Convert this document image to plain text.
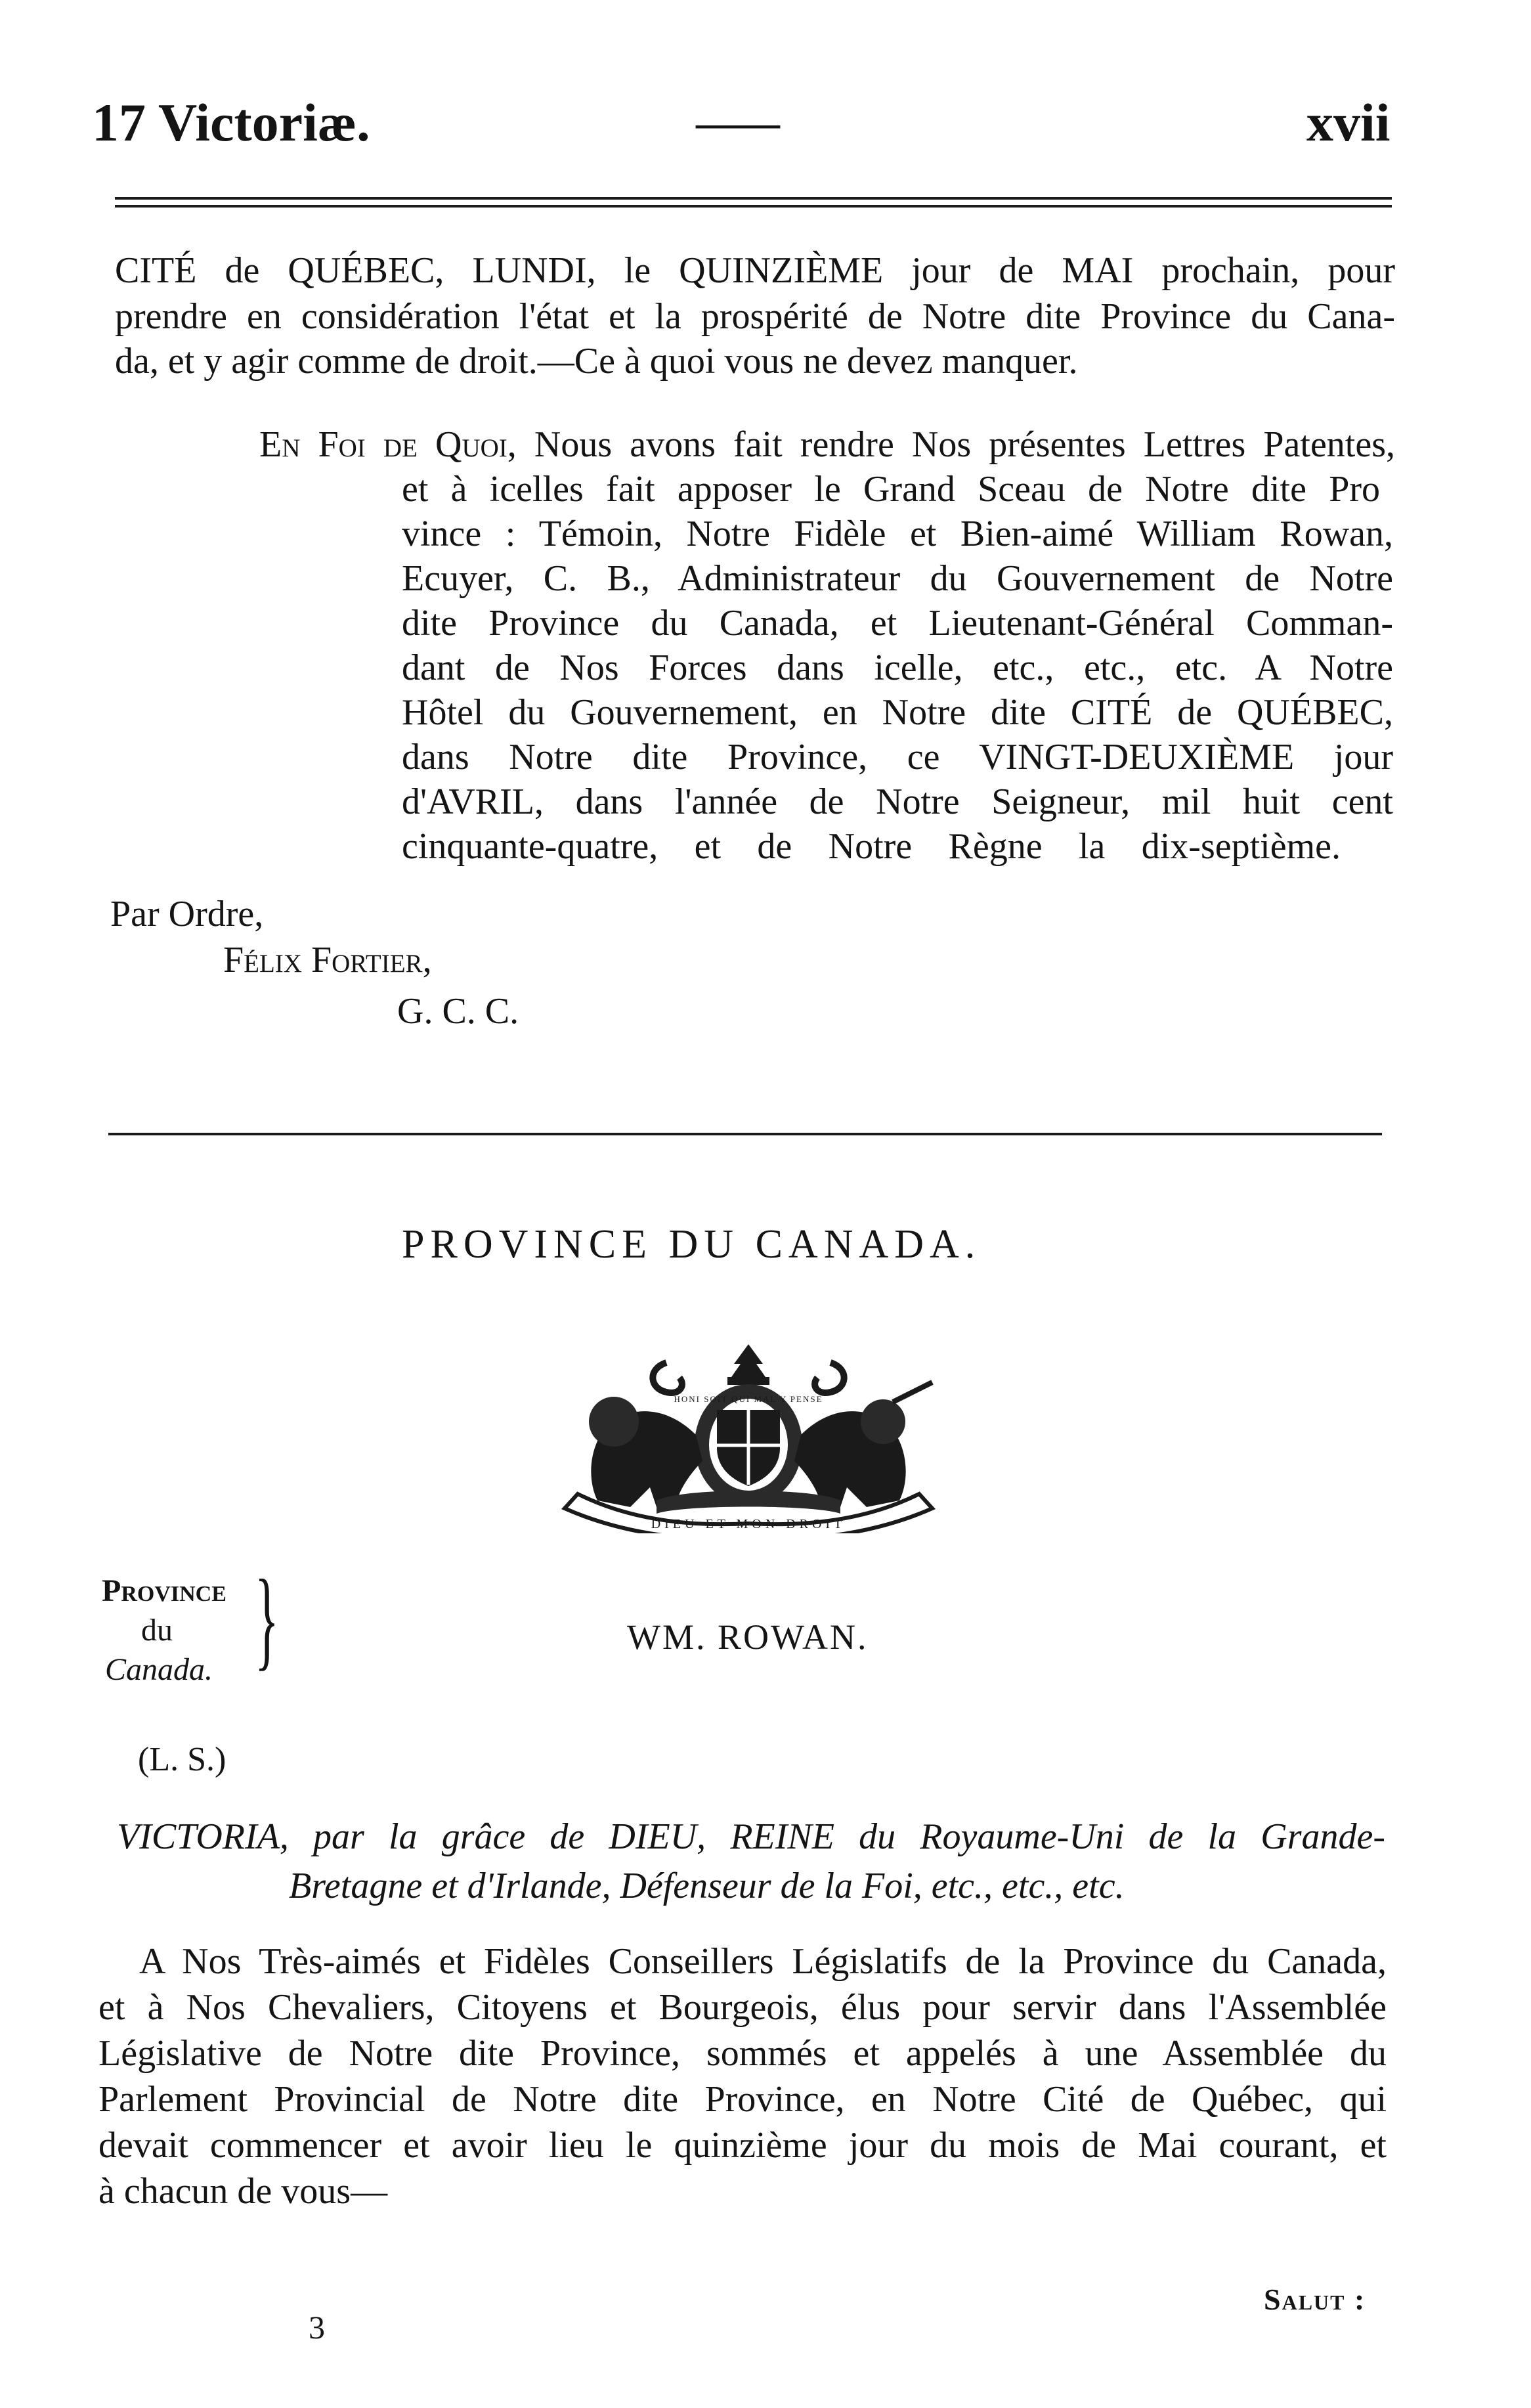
17 Victoriæ.	——	xvii
CITÉ de QUÉBEC, LUNDI, le QUINZIÈME jour de MAI prochain, pour
prendre en considération l'état et la prospérité de Notre dite Province du Cana-
da, et y agir comme de droit.—Ce à quoi vous ne devez manquer.
En Foi de Quoi, Nous avons fait rendre Nos présentes Lettres Patentes,
et à icelles fait apposer le Grand Sceau de Notre dite Pro
vince : Témoin, Notre Fidèle et Bien-aimé William Rowan,
Ecuyer, C. B., Administrateur du Gouvernement de Notre
dite Province du Canada, et Lieutenant-Général Comman-
dant de Nos Forces dans icelle, etc., etc., etc. A Notre
Hôtel du Gouvernement, en Notre dite CITÉ de QUÉBEC,
dans Notre dite Province, ce VINGT-DEUXIÈME jour
d'AVRIL, dans l'année de Notre Seigneur, mil huit cent
cinquante-quatre, et de Notre Règne la dix-septième.
Par Ordre,
Félix Fortier,
G. C. C.
PROVINCE DU CANADA.
DIEU ET MON DROIT
HONI SOIT QUI MAL Y PENSE
Province
du
Canada. }	WM. ROWAN.
(L. S.)
VICTORIA, par la grâce de DIEU, REINE du Royaume-Uni de la Grande-
Bretagne et d'Irlande, Défenseur de la Foi, etc., etc., etc.
A Nos Très-aimés et Fidèles Conseillers Législatifs de la Province du Canada,
et à Nos Chevaliers, Citoyens et Bourgeois, élus pour servir dans l'Assemblée
Législative de Notre dite Province, sommés et appelés à une Assemblée du
Parlement Provincial de Notre dite Province, en Notre Cité de Québec, qui
devait commencer et avoir lieu le quinzième jour du mois de Mai courant, et
à chacun de vous—
3
Salut :
